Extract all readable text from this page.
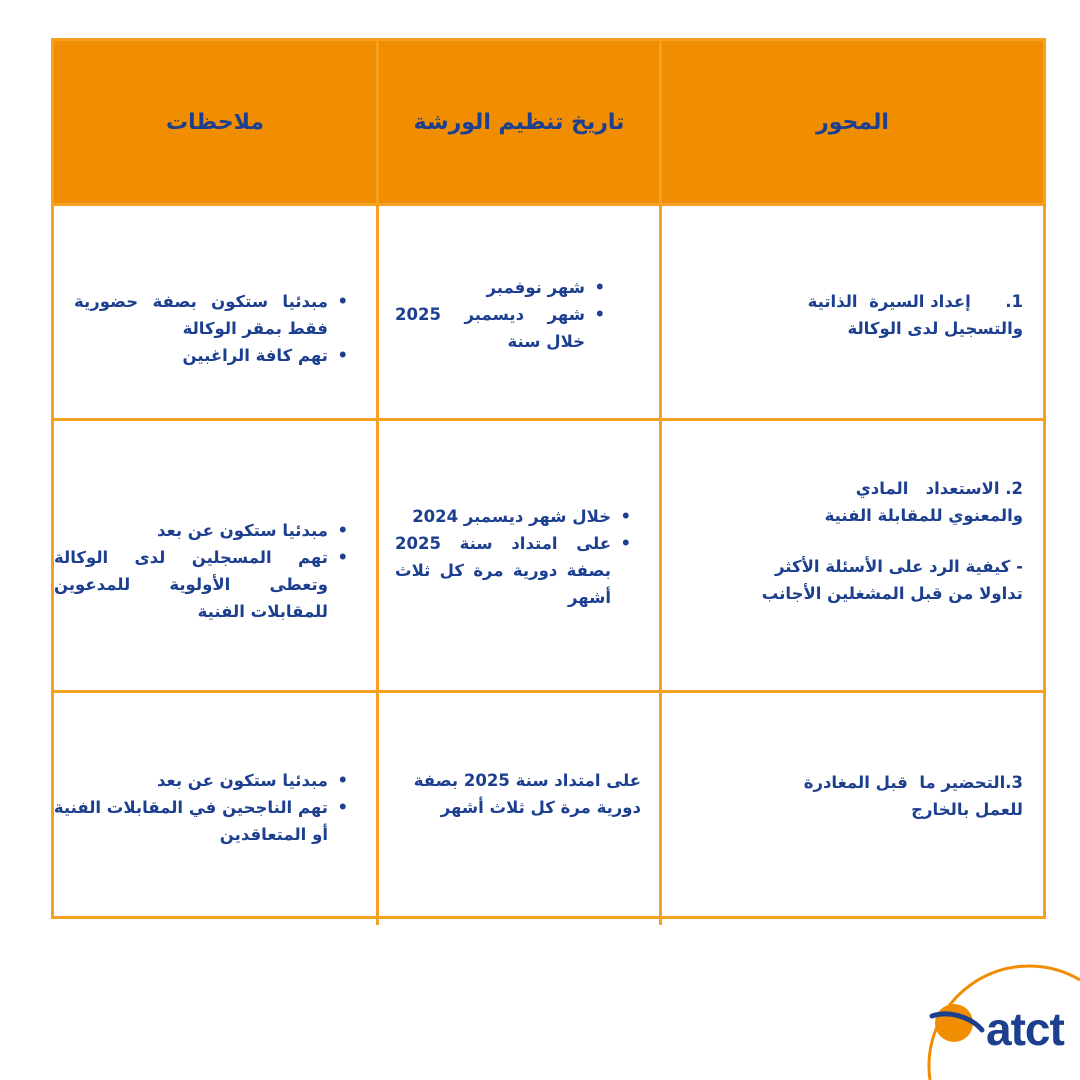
المحور
تاريخ تنظيم الورشة
ملاحظات
1.      إعداد السيرة  الذاتية
والتسجيل لدى الوكالة
• شهر نوفمبر
• شهر ديسمبر 2025 خلال سنة
• مبدئيا ستكون بصفة حضورية فقط بمقر الوكالة
• تهم كافة الراغبين
2. الاستعداد   المادي
والمعنوي للمقابلة الفنية
- كيفية الرد على الأسئلة الأكثر تداولا من قبل المشغلين الأجانب
• خلال شهر ديسمبر 2024
• على امتداد سنة 2025 بصفة دورية مرة كل ثلاث أشهر
• مبدئيا ستكون عن بعد
• تهم المسجلين لدى الوكالة وتعطى الأولوية للمدعوين للمقابلات الفنية
3.التحضير ما  قبل المغادرة
للعمل بالخارج
على امتداد سنة 2025 بصفة دورية مرة كل ثلاث أشهر
• مبدئيا ستكون عن بعد
• تهم الناجحين في المقابلات الفنية أو المتعاقدين
atct
